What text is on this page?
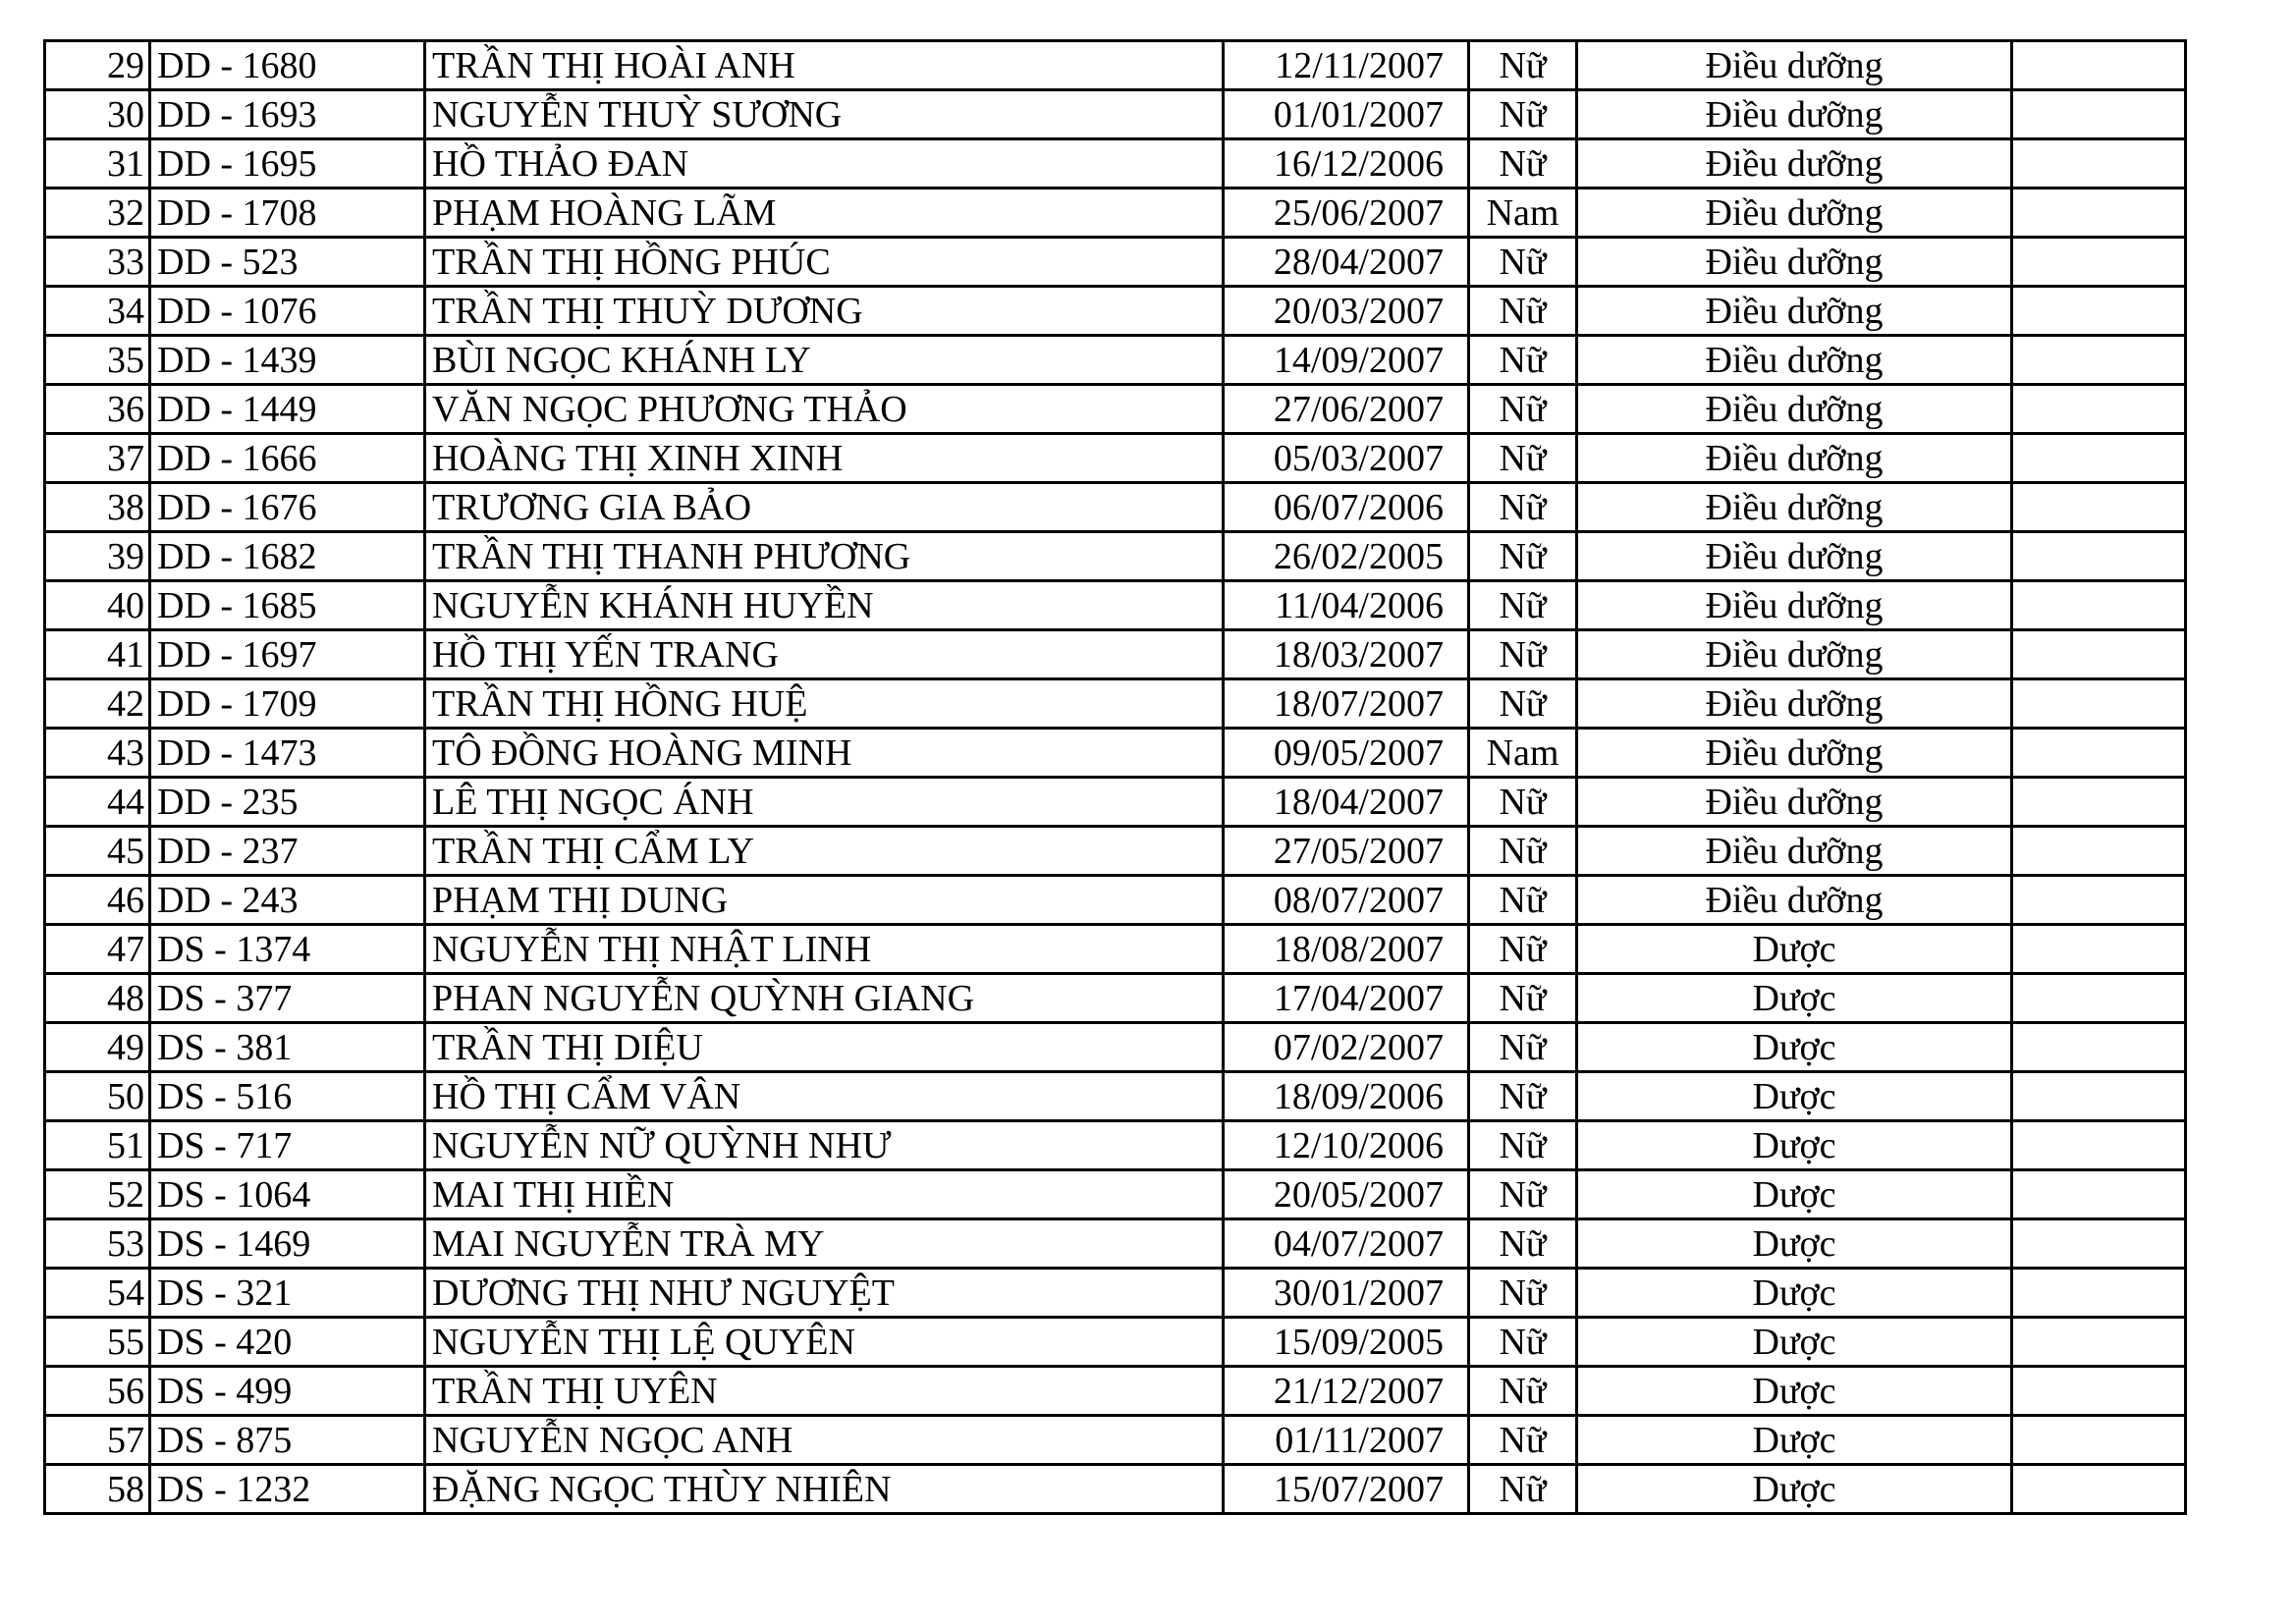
29	DD - 1680	TRẦN THỊ HOÀI ANH	12/11/2007	Nữ	Điều dưỡng	
30	DD - 1693	NGUYỄN THUỲ SƯƠNG	01/01/2007	Nữ	Điều dưỡng	
31	DD - 1695	HỒ THẢO ĐAN	16/12/2006	Nữ	Điều dưỡng	
32	DD - 1708	PHẠM HOÀNG LÃM	25/06/2007	Nam	Điều dưỡng	
33	DD - 523	TRẦN THỊ HỒNG PHÚC	28/04/2007	Nữ	Điều dưỡng	
34	DD - 1076	TRẦN THỊ THUỲ DƯƠNG	20/03/2007	Nữ	Điều dưỡng	
35	DD - 1439	BÙI NGỌC KHÁNH LY	14/09/2007	Nữ	Điều dưỡng	
36	DD - 1449	VĂN NGỌC PHƯƠNG THẢO	27/06/2007	Nữ	Điều dưỡng	
37	DD - 1666	HOÀNG THỊ XINH XINH	05/03/2007	Nữ	Điều dưỡng	
38	DD - 1676	TRƯƠNG GIA BẢO	06/07/2006	Nữ	Điều dưỡng	
39	DD - 1682	TRẦN THỊ THANH PHƯƠNG	26/02/2005	Nữ	Điều dưỡng	
40	DD - 1685	NGUYỄN KHÁNH HUYỀN	11/04/2006	Nữ	Điều dưỡng	
41	DD - 1697	HỒ THỊ YẾN TRANG	18/03/2007	Nữ	Điều dưỡng	
42	DD - 1709	TRẦN THỊ HỒNG HUỆ	18/07/2007	Nữ	Điều dưỡng	
43	DD - 1473	TÔ ĐỒNG HOÀNG MINH	09/05/2007	Nam	Điều dưỡng	
44	DD - 235	LÊ THỊ NGỌC ÁNH	18/04/2007	Nữ	Điều dưỡng	
45	DD - 237	TRẦN THỊ CẨM LY	27/05/2007	Nữ	Điều dưỡng	
46	DD - 243	PHẠM THỊ DUNG	08/07/2007	Nữ	Điều dưỡng	
47	DS - 1374	NGUYỄN THỊ NHẬT LINH	18/08/2007	Nữ	Dược	
48	DS - 377	PHAN NGUYỄN QUỲNH GIANG	17/04/2007	Nữ	Dược	
49	DS - 381	TRẦN THỊ DIỆU	07/02/2007	Nữ	Dược	
50	DS - 516	HỒ THỊ CẨM VÂN	18/09/2006	Nữ	Dược	
51	DS - 717	NGUYỄN NỮ QUỲNH NHƯ	12/10/2006	Nữ	Dược	
52	DS - 1064	MAI THỊ HIỀN	20/05/2007	Nữ	Dược	
53	DS - 1469	MAI NGUYỄN TRÀ MY	04/07/2007	Nữ	Dược	
54	DS - 321	DƯƠNG THỊ NHƯ NGUYỆT	30/01/2007	Nữ	Dược	
55	DS - 420	NGUYỄN THỊ LỆ QUYÊN	15/09/2005	Nữ	Dược	
56	DS - 499	TRẦN THỊ UYÊN	21/12/2007	Nữ	Dược	
57	DS - 875	NGUYỄN NGỌC ANH	01/11/2007	Nữ	Dược	
58	DS - 1232	ĐẶNG NGỌC THÙY NHIÊN	15/07/2007	Nữ	Dược	
